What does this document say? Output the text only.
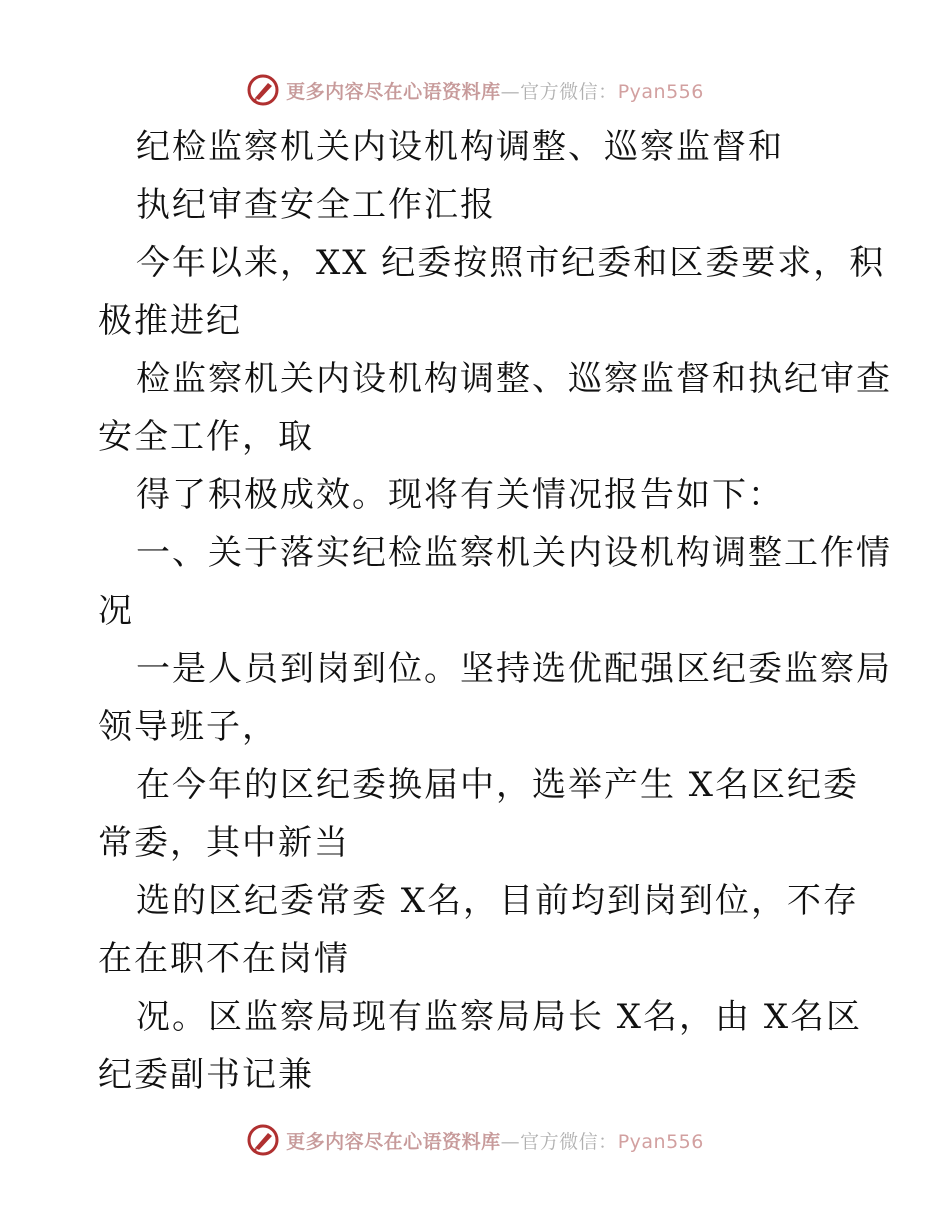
更多内容尽在心语资料库—官方微信：Pyan556
纪检监察机关内设机构调整、巡察监督和
执纪审查安全工作汇报
今年以来，XX 纪委按照市纪委和区委要求，积
极推进纪
检监察机关内设机构调整、巡察监督和执纪审查
安全工作，取
得了积极成效。现将有关情况报告如下：
一、关于落实纪检监察机关内设机构调整工作情
况
一是人员到岗到位。坚持选优配强区纪委监察局
领导班子，
在今年的区纪委换届中，选举产生 X名区纪委
常委，其中新当
选的区纪委常委 X名，目前均到岗到位，不存
在在职不在岗情
况。区监察局现有监察局局长 X名，由 X名区
纪委副书记兼
更多内容尽在心语资料库—官方微信：Pyan556
